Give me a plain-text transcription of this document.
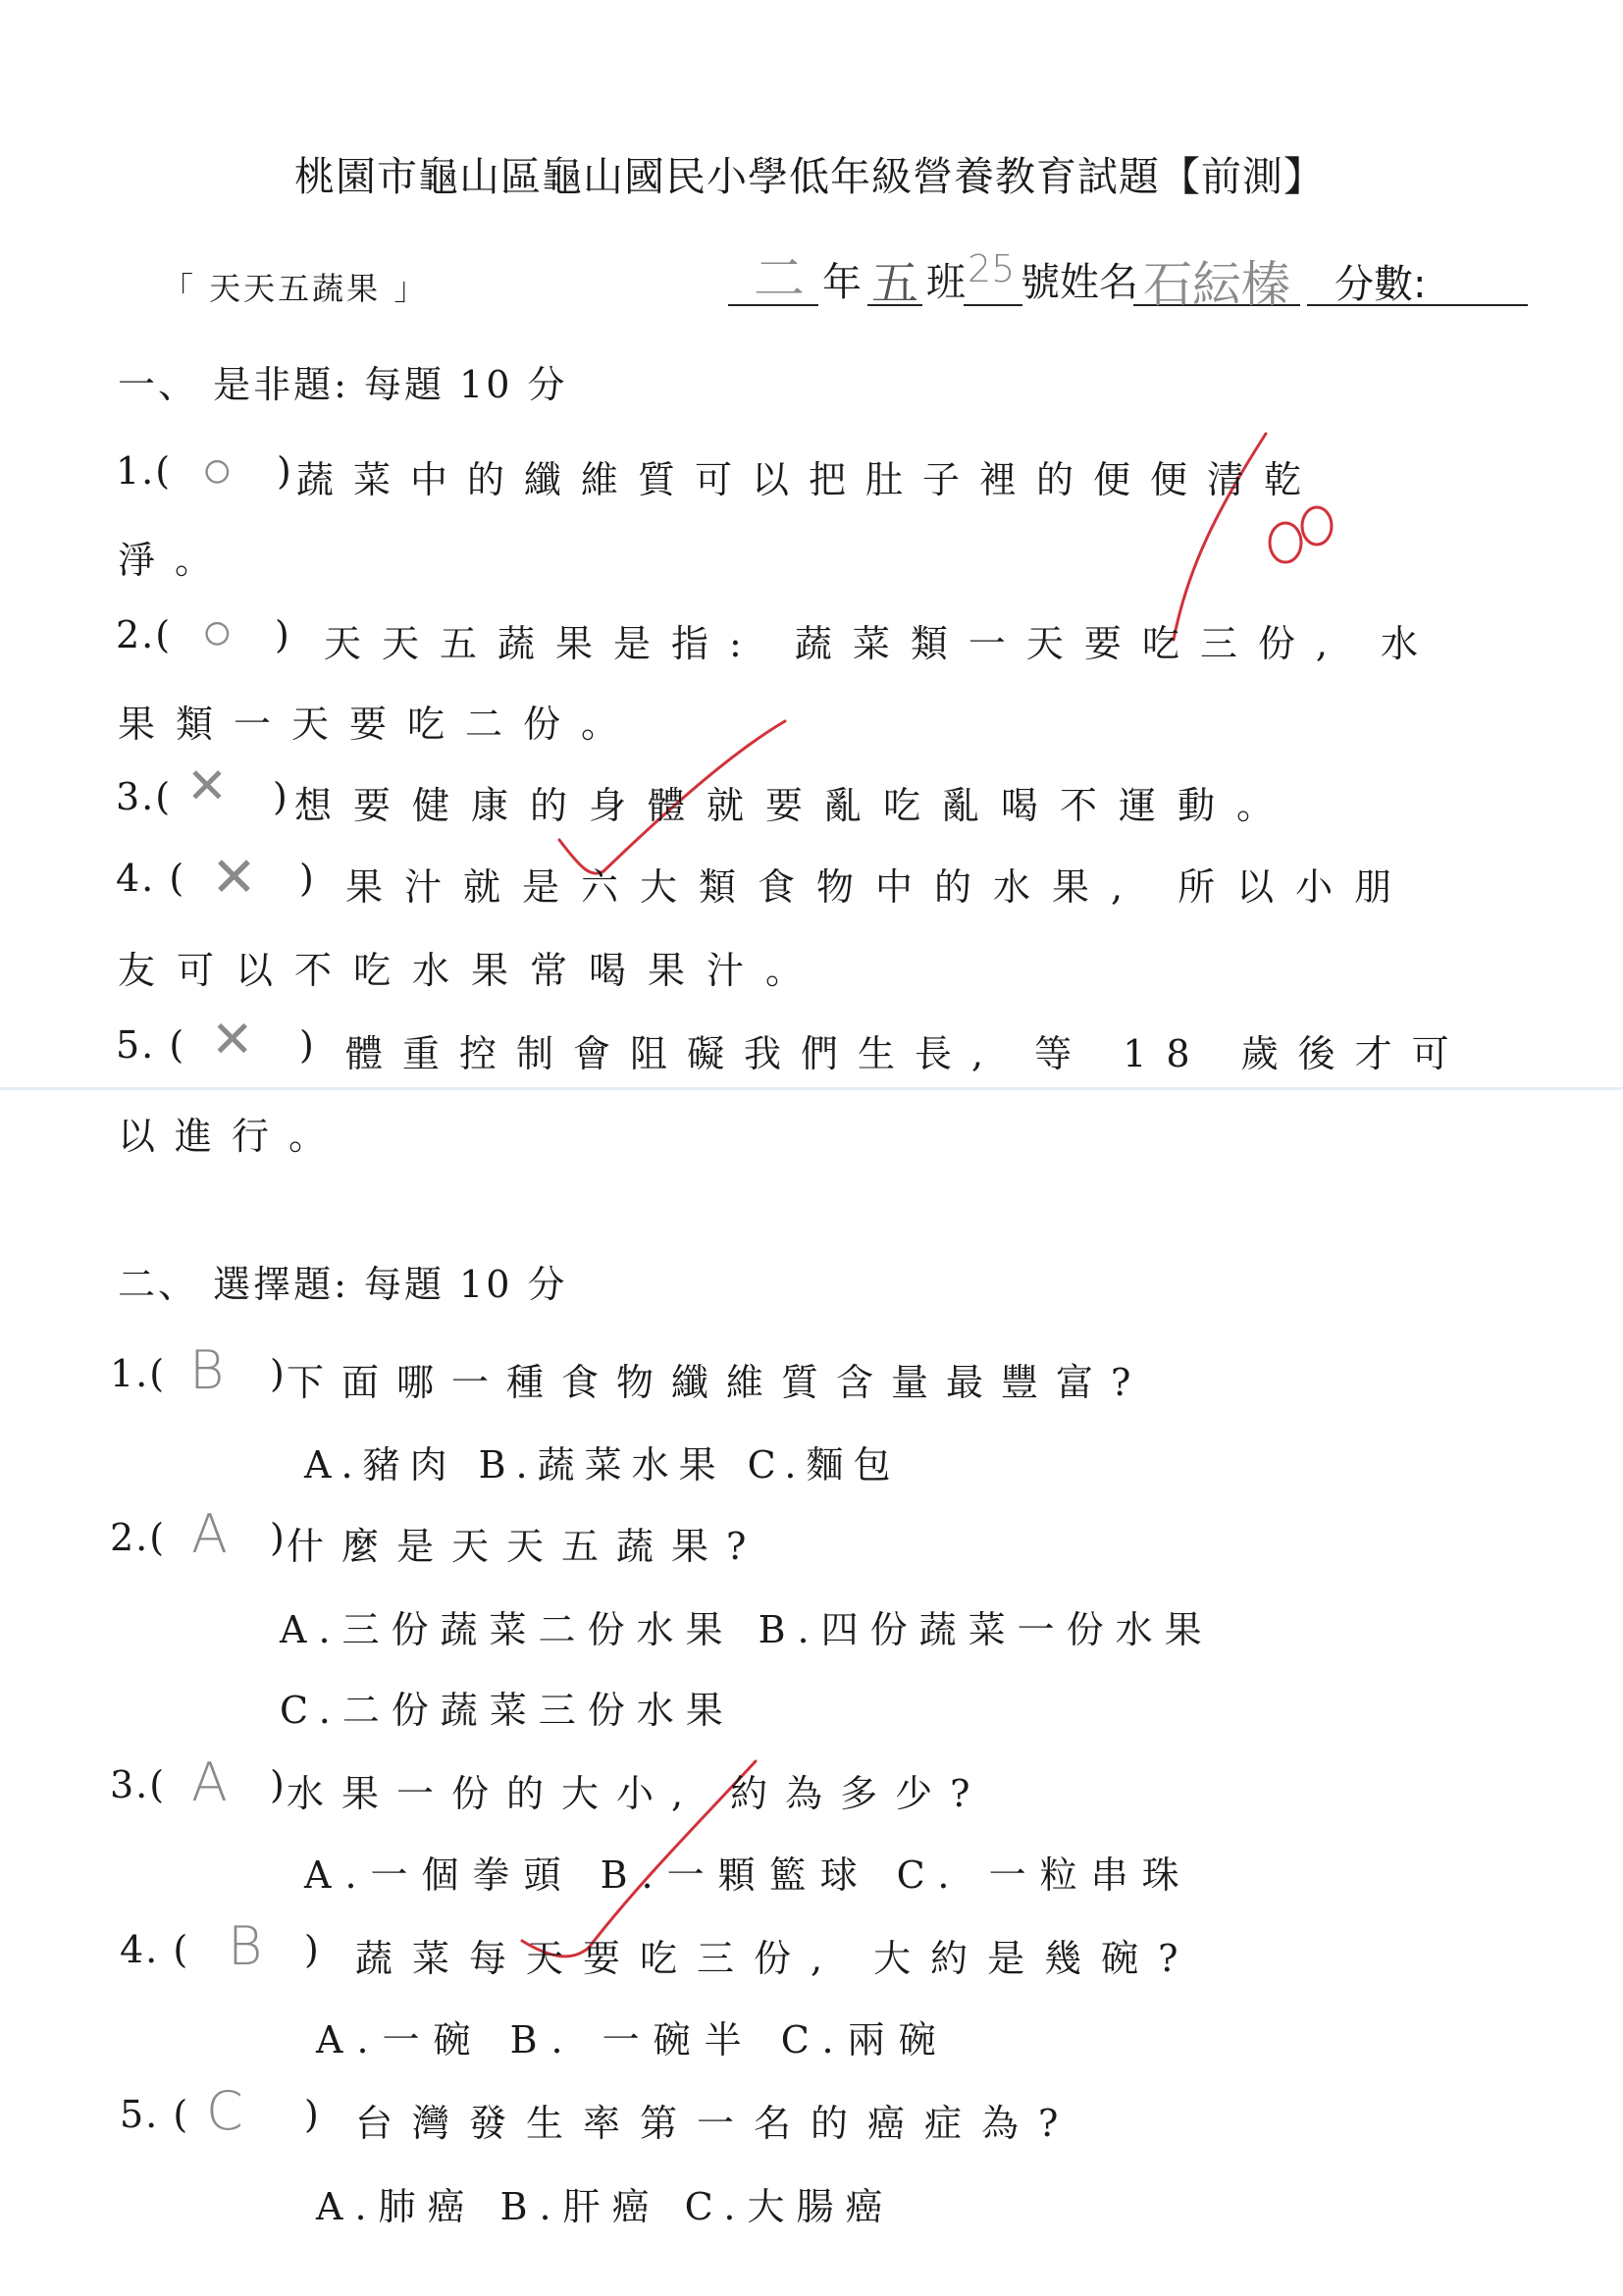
桃園市龜山區龜山國民小學低年級營養教育試題【前測】
「 天天五蔬果 」	二 年 五 班 25 號姓名 石紜榛 分數:
一、 是非題: 每題 10 分
1.( ○ ) 蔬菜中的纖維質可以把肚子裡的便便清乾
淨。
2.( ○ ) 天天五蔬果是指: 蔬菜類一天要吃三份, 水
果類一天要吃二份。
3.( ✕ ) 想要健康的身體就要亂吃亂喝不運動。
4. ( ✕ ) 果汁就是六大類食物中的水果, 所以小朋
友可以不吃水果常喝果汁。
5. ( ✕ ) 體重控制會阻礙我們生長, 等 18 歲後才可
以進行。
二、 選擇題: 每題 10 分
1.( B ) 下面哪一種食物纖維質含量最豐富?
A.豬肉 B.蔬菜水果 C.麵包
2.( A ) 什麼是天天五蔬果?
A.三份蔬菜二份水果 B.四份蔬菜一份水果
C.二份蔬菜三份水果
3.( A ) 水果一份的大小, 約為多少?
A.一個拳頭 B.一顆籃球 C. 一粒串珠
4. ( B ) 蔬菜每天要吃三份, 大約是幾碗?
A.一碗 B. 一碗半 C.兩碗
5. ( C ) 台灣發生率第一名的癌症為?
A.肺癌 B.肝癌 C.大腸癌
